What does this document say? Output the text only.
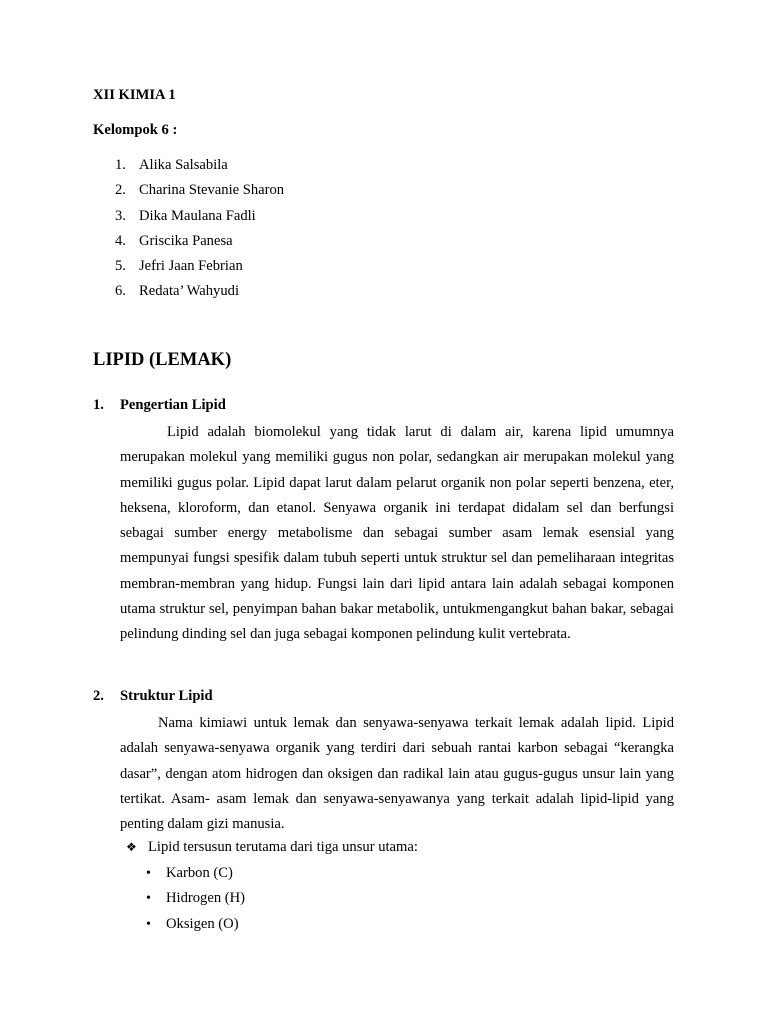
XII KIMIA 1
Kelompok 6 :
1. Alika Salsabila
2. Charina Stevanie Sharon
3. Dika Maulana Fadli
4. Griscika Panesa
5. Jefri Jaan Febrian
6. Redata’ Wahyudi
LIPID (LEMAK)
1. Pengertian Lipid

Lipid adalah biomolekul yang tidak larut di dalam air, karena lipid umumnya merupakan molekul yang memiliki gugus non polar, sedangkan air merupakan molekul yang memiliki gugus polar. Lipid dapat larut dalam pelarut organik non polar seperti benzena, eter, heksena, kloroform, dan etanol. Senyawa organik ini terdapat didalam sel dan berfungsi sebagai sumber energy metabolisme dan sebagai sumber asam lemak esensial yang mempunyai fungsi spesifik dalam tubuh seperti untuk struktur sel dan pemeliharaan integritas membran-membran yang hidup. Fungsi lain dari lipid antara lain adalah sebagai komponen utama struktur sel, penyimpan bahan bakar metabolik, untukmengangkut bahan bakar, sebagai pelindung dinding sel dan juga sebagai komponen pelindung kulit vertebrata.

2. Struktur Lipid

Nama kimiawi untuk lemak dan senyawa-senyawa terkait lemak adalah lipid. Lipid adalah senyawa-senyawa organik yang terdiri dari sebuah rantai karbon sebagai “kerangka dasar”, dengan atom hidrogen dan oksigen dan radikal lain atau gugus-gugus unsur lain yang tertikat. Asam- asam lemak dan senyawa-senyawanya yang terkait adalah lipid-lipid yang penting dalam gizi manusia.

❖ Lipid tersusun terutama dari tiga unsur utama:
• Karbon (C)
• Hidrogen (H)
• Oksigen (O)
